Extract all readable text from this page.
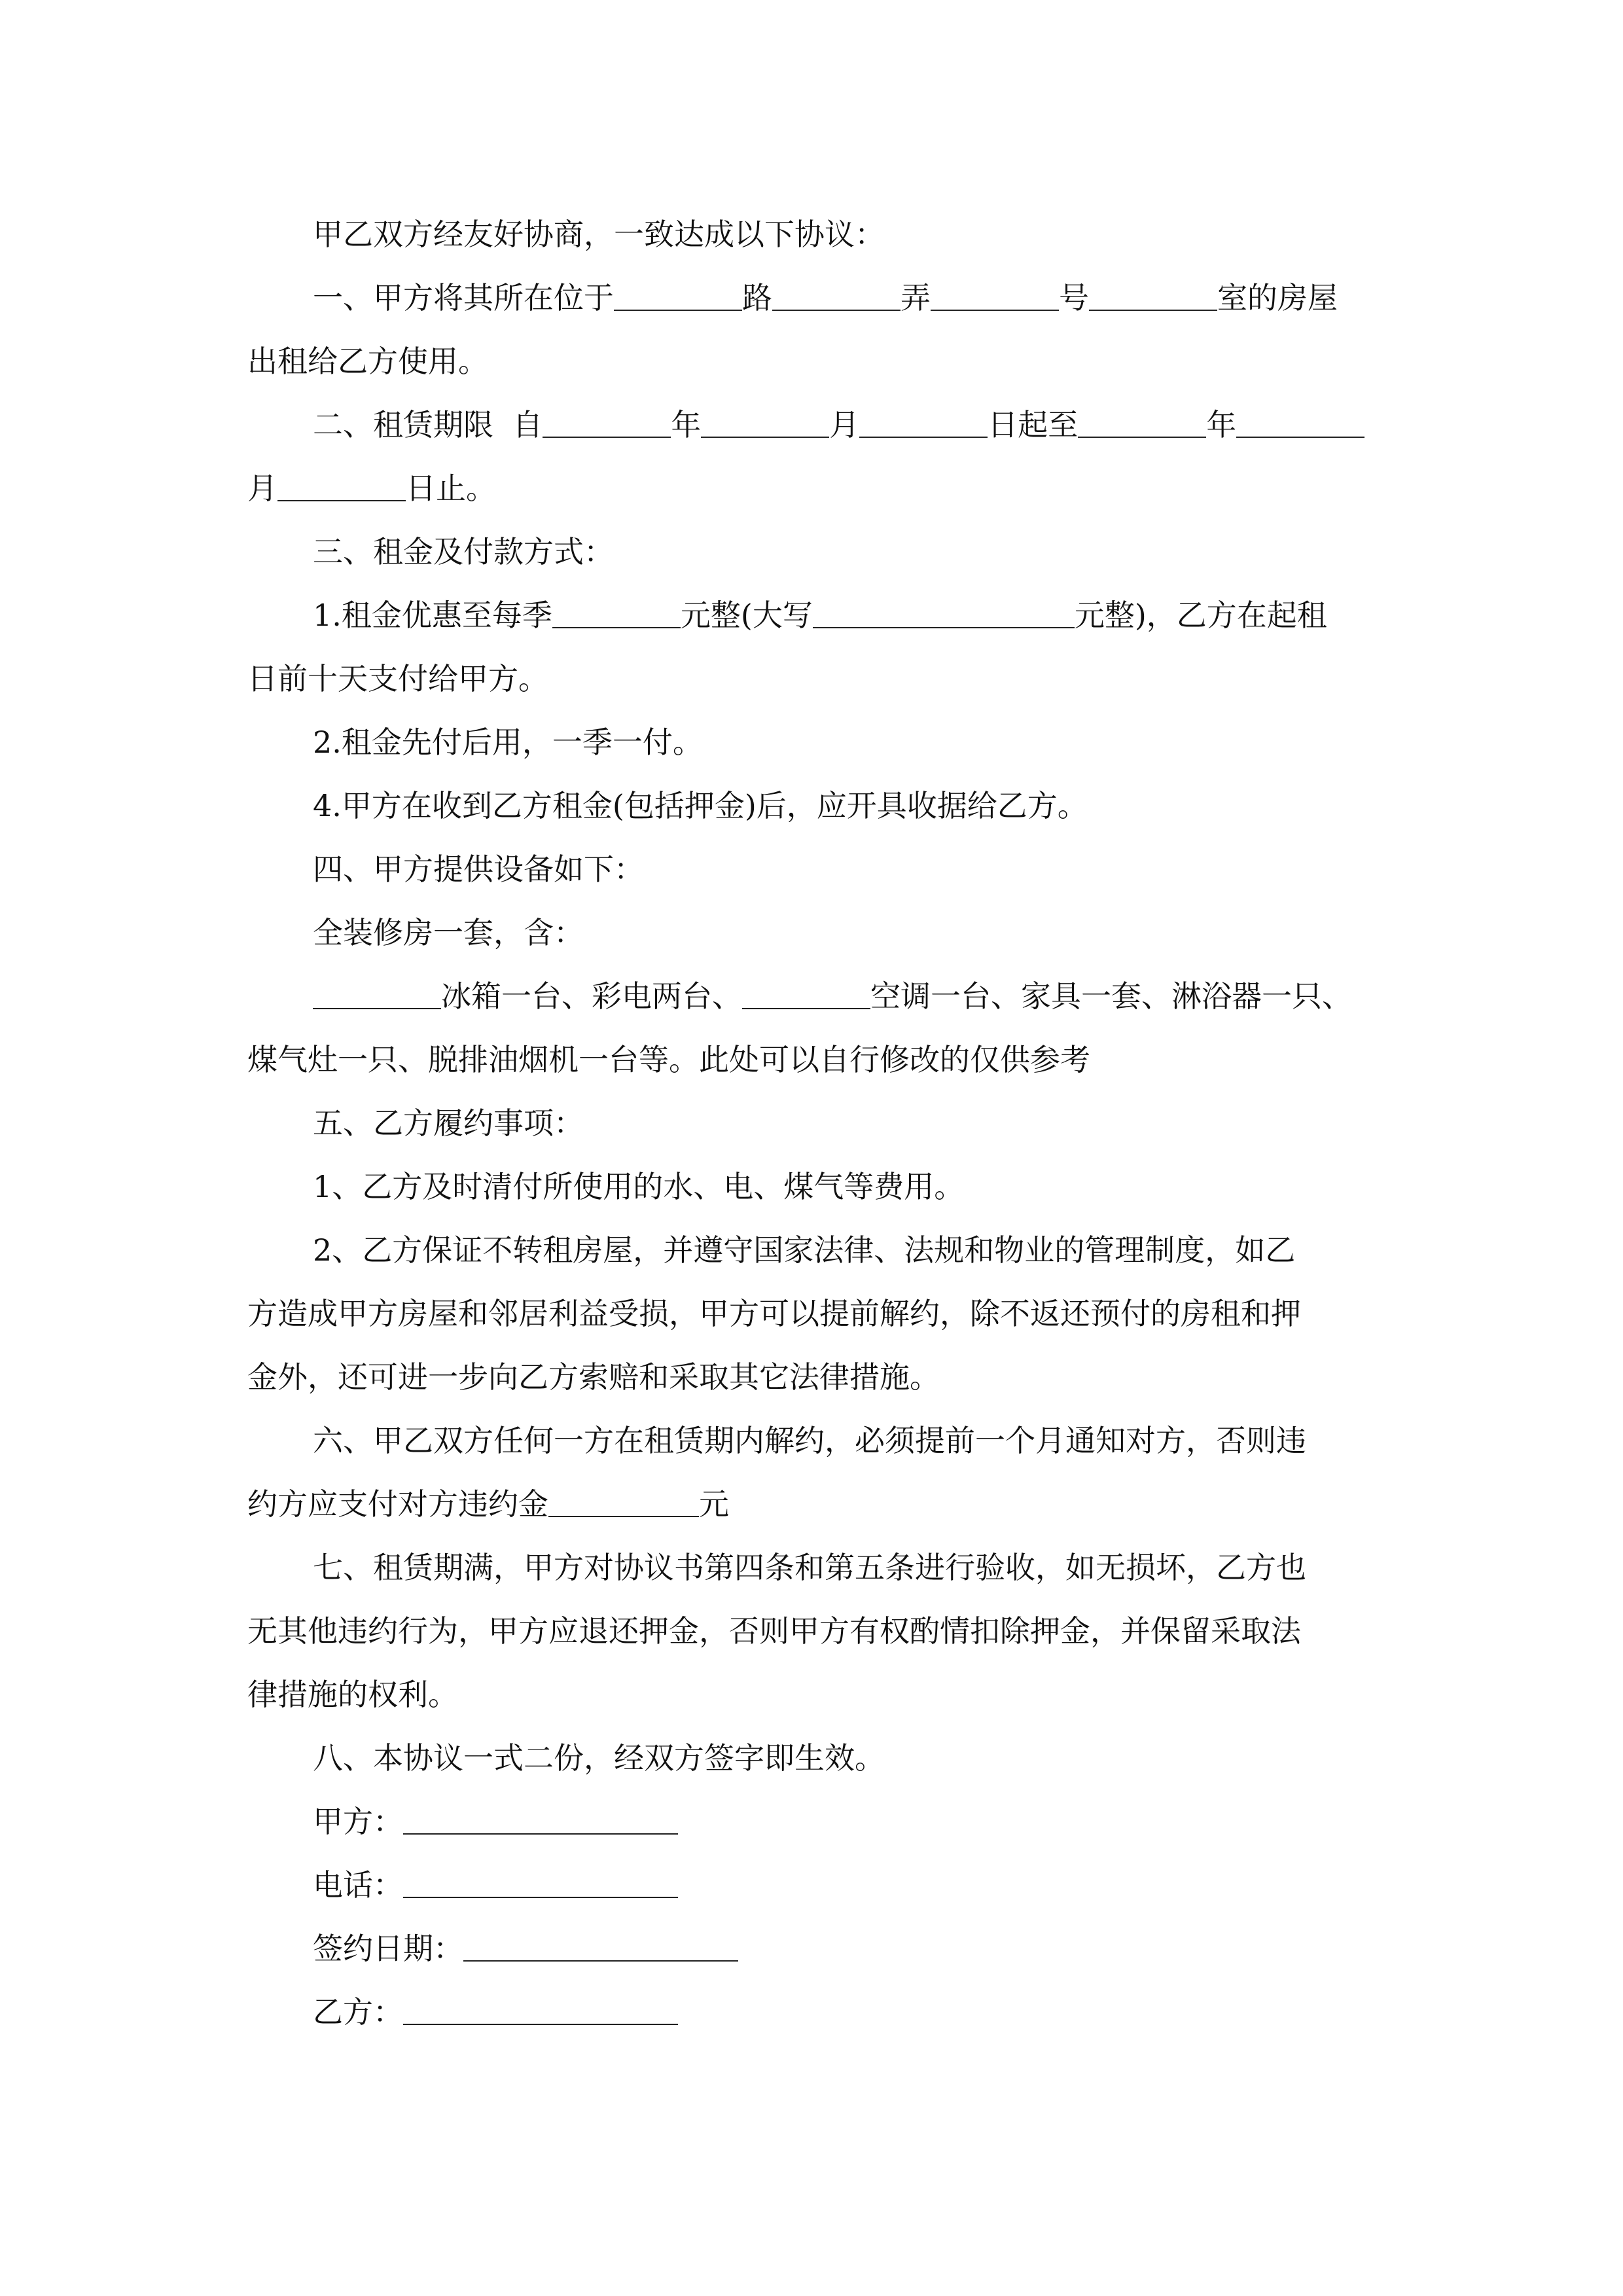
甲乙双方经友好协商，一致达成以下协议：

一、甲方将其所在位于	路	弄	号	室的房屋

出租给乙方使用。

二、租赁期限  自	年	月	日起至	年

月	日止。

三、租金及付款方式：

1.租金优惠至每季	元整(大写	元整)，乙方在起租

日前十天支付给甲方。

2.租金先付后用，一季一付。

4.甲方在收到乙方租金(包括押金)后，应开具收据给乙方。

四、甲方提供设备如下：

全装修房一套，含：

冰箱一台、彩电两台、	空调一台、家具一套、淋浴器一只、

煤气灶一只、脱排油烟机一台等。此处可以自行修改的仅供参考

五、乙方履约事项：

1、乙方及时清付所使用的水、电、煤气等费用。

2、乙方保证不转租房屋，并遵守国家法律、法规和物业的管理制度，如乙

方造成甲方房屋和邻居利益受损，甲方可以提前解约，除不返还预付的房租和押

金外，还可进一步向乙方索赔和采取其它法律措施。

六、甲乙双方任何一方在租赁期内解约，必须提前一个月通知对方，否则违

约方应支付对方违约金	元

七、租赁期满，甲方对协议书第四条和第五条进行验收，如无损坏，乙方也

无其他违约行为，甲方应退还押金，否则甲方有权酌情扣除押金，并保留采取法

律措施的权利。

八、本协议一式二份，经双方签字即生效。

甲方：

电话：

签约日期：

乙方：
